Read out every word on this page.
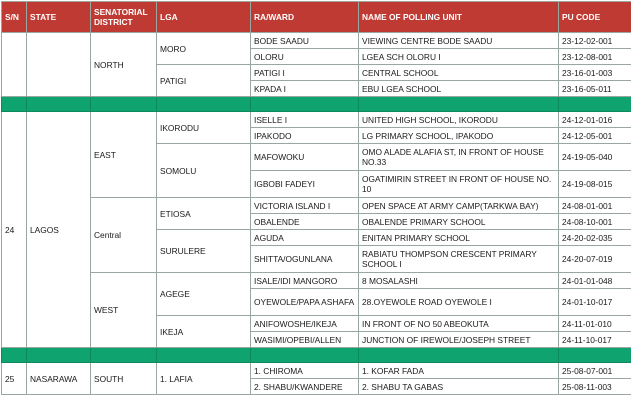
S/N	STATE	SENATORIAL DISTRICT	LGA	RA/WARD	NAME OF POLLING UNIT	PU CODE
		NORTH	MORO	BODE SAADU	VIEWING CENTRE BODE SAADU	23-12-02-001
				OLORU	LGEA SCH OLORU I	23-12-08-001
			PATIGI	PATIGI I	CENTRAL SCHOOL	23-16-01-003
				KPADA I	EBU LGEA SCHOOL	23-16-05-011

24	LAGOS	EAST	IKORODU	ISELLE I	UNITED HIGH SCHOOL, IKORODU	24-12-01-016
				IPAKODO	LG PRIMARY SCHOOL, IPAKODO	24-12-05-001
			SOMOLU	MAFOWOKU	OMO ALADE ALAFIA ST, IN FRONT OF HOUSE NO.33	24-19-05-040
				IGBOBI FADEYI	OGATIMIRIN STREET IN FRONT OF HOUSE NO. 10	24-19-08-015
		Central	ETIOSA	VICTORIA ISLAND I	OPEN SPACE AT ARMY CAMP(TARKWA BAY)	24-08-01-001
				OBALENDE	OBALENDE PRIMARY SCHOOL	24-08-10-001
			SURULERE	AGUDA	ENITAN PRIMARY SCHOOL	24-20-02-035
				SHITTA/OGUNLANA	RABIATU THOMPSON CRESCENT PRIMARY SCHOOL I	24-20-07-019
		WEST	AGEGE	ISALE/IDI MANGORO	8 MOSALASHI	24-01-01-048
				OYEWOLE/PAPA ASHAFA	28.OYEWOLE ROAD OYEWOLE I	24-01-10-017
			IKEJA	ANIFOWOSHE/IKEJA	IN FRONT OF NO 50 ABEOKUTA	24-11-01-010
				WASIMI/OPEBI/ALLEN	JUNCTION OF IREWOLE/JOSEPH STREET	24-11-10-017

25	NASARAWA	SOUTH	1. LAFIA	1. CHIROMA	1. KOFAR FADA	25-08-07-001
				2. SHABU/KWANDERE	2. SHABU TA GABAS	25-08-11-003
